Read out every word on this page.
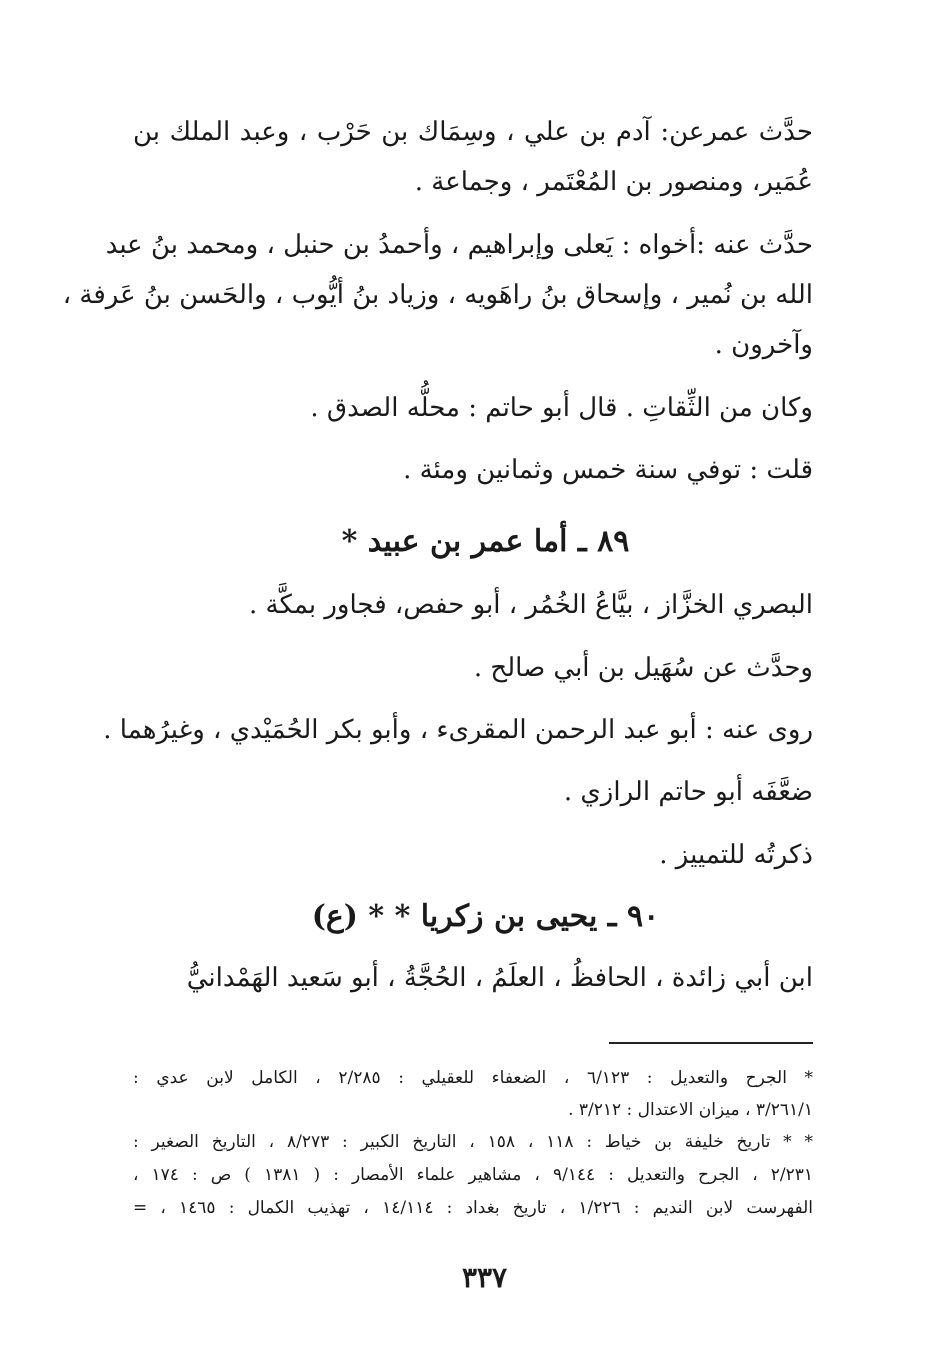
حدَّث عمرعن: آدم بن علي ، وسِمَاك بن حَرْب ، وعبد الملك بن

عُمَير، ومنصور بن المُعْتَمر ، وجماعة .

حدَّث عنه :أخواه : يَعلى وإبراهيم ، وأحمدُ بن حنبل ، ومحمد بنُ عبد

الله بن نُمير ، وإسحاق بنُ راهَويه ، وزياد بنُ أيُّوب ، والحَسن بنُ عَرفة ،

وآخرون .

وكان من الثِّقاتِ . قال أبو حاتم : محلُّه الصدق .

قلت : توفي سنة خمس وثمانين ومئة .

٨٩ ـ أما عمر بن عبيد *

البصري الخزَّاز ، بيَّاعُ الخُمُر ، أبو حفص، فجاور بمكَّة .

وحدَّث عن سُهَيل بن أبي صالح .

روى عنه : أبو عبد الرحمن المقرىء ، وأبو بكر الحُمَيْدي ، وغيرُهما .

ضعَّفَه أبو حاتم الرازي .

ذكرتُه للتمييز .

٩٠ ـ يحيى بن زكريا * * (ع)

ابن أبي زائدة ، الحافظُ ، العلَمُ ، الحُجَّةُ ، أبو سَعيد الهَمْدانيُّ

* الجرح والتعديل : ٦/١٢٣ ، الضعفاء للعقيلي : ٢/٢٨٥ ، الكامل لابن عدي :

٣/٢٦١/١ ، ميزان الاعتدال : ٣/٢١٢ .

* * تاريخ خليفة بن خياط : ١١٨ ، ١٥٨ ، التاريخ الكبير : ٨/٢٧٣ ، التاريخ الصغير :

٢/٢٣١ ، الجرح والتعديل : ٩/١٤٤ ، مشاهير علماء الأمصار : ( ١٣٨١ ) ص : ١٧٤ ،

الفهرست لابن النديم : ١/٢٢٦ ، تاريخ بغداد : ١٤/١١٤ ، تهذيب الكمال : ١٤٦٥ ، =

٣٣٧
